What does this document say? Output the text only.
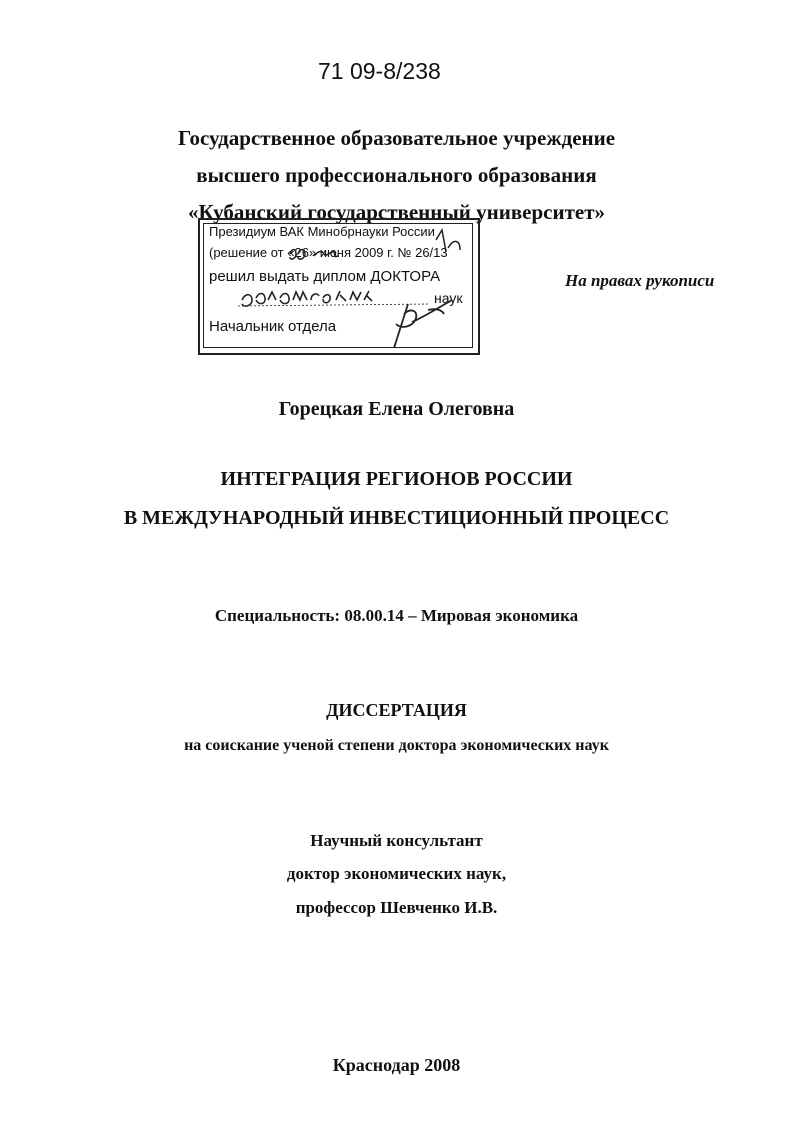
71 09-8/238
Государственное образовательное учреждение
высшего профессионального образования
«Кубанский государственный университет»
Президиум ВАК Минобрнауки России
(решение от «26» июня 2009 г. № 26/13
решил выдать диплом ДОКТОРА
наук
Начальник отдела
На правах рукописи
Горецкая Елена Олеговна
ИНТЕГРАЦИЯ РЕГИОНОВ РОССИИ
В МЕЖДУНАРОДНЫЙ ИНВЕСТИЦИОННЫЙ ПРОЦЕСС
Специальность: 08.00.14 – Мировая экономика
ДИССЕРТАЦИЯ
на соискание ученой степени доктора экономических наук
Научный консультант
доктор экономических наук,
профессор Шевченко И.В.
Краснодар 2008
